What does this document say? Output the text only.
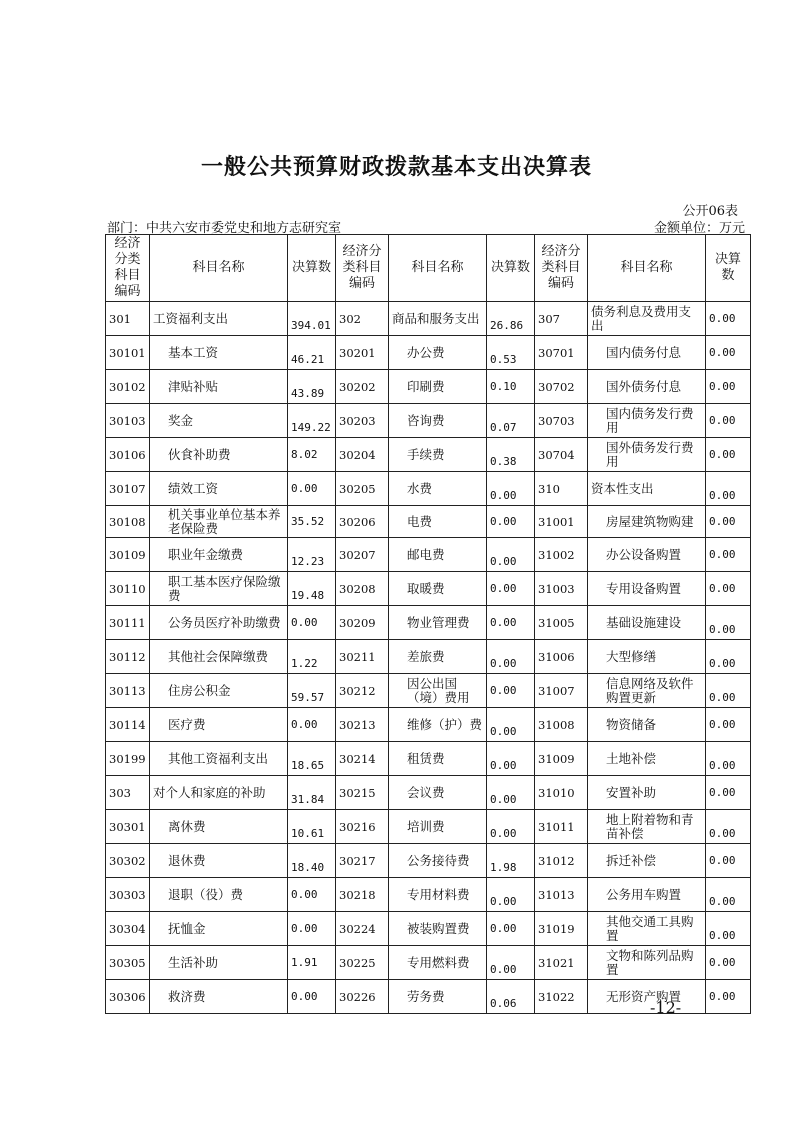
一般公共预算财政拨款基本支出决算表
公开06表
部门：中共六安市委党史和地方志研究室	金额单位：万元
经济分类科目编码	科目名称	决算数	经济分类科目编码	科目名称	决算数	经济分类科目编码	科目名称	决算数
301	工资福利支出	394.01	302	商品和服务支出	26.86	307	债务利息及费用支出	0.00
30101	基本工资	46.21	30201	办公费	0.53	30701	国内债务付息	0.00
30102	津贴补贴	43.89	30202	印刷费	0.10	30702	国外债务付息	0.00
30103	奖金	149.22	30203	咨询费	0.07	30703	国内债务发行费用	0.00
30106	伙食补助费	8.02	30204	手续费	0.38	30704	国外债务发行费用	0.00
30107	绩效工资	0.00	30205	水费	0.00	310	资本性支出	0.00
30108	机关事业单位基本养老保险费	35.52	30206	电费	0.00	31001	房屋建筑物购建	0.00
30109	职业年金缴费	12.23	30207	邮电费	0.00	31002	办公设备购置	0.00
30110	职工基本医疗保险缴费	19.48	30208	取暖费	0.00	31003	专用设备购置	0.00
30111	公务员医疗补助缴费	0.00	30209	物业管理费	0.00	31005	基础设施建设	0.00
30112	其他社会保障缴费	1.22	30211	差旅费	0.00	31006	大型修缮	0.00
30113	住房公积金	59.57	30212	因公出国（境）费用	0.00	31007	信息网络及软件购置更新	0.00
30114	医疗费	0.00	30213	维修（护）费	0.00	31008	物资储备	0.00
30199	其他工资福利支出	18.65	30214	租赁费	0.00	31009	土地补偿	0.00
303	对个人和家庭的补助	31.84	30215	会议费	0.00	31010	安置补助	0.00
30301	离休费	10.61	30216	培训费	0.00	31011	地上附着物和青苗补偿	0.00
30302	退休费	18.40	30217	公务接待费	1.98	31012	拆迁补偿	0.00
30303	退职（役）费	0.00	30218	专用材料费	0.00	31013	公务用车购置	0.00
30304	抚恤金	0.00	30224	被装购置费	0.00	31019	其他交通工具购置	0.00
30305	生活补助	1.91	30225	专用燃料费	0.00	31021	文物和陈列品购置	0.00
30306	救济费	0.00	30226	劳务费	0.06	31022	无形资产购置	0.00
-12-
